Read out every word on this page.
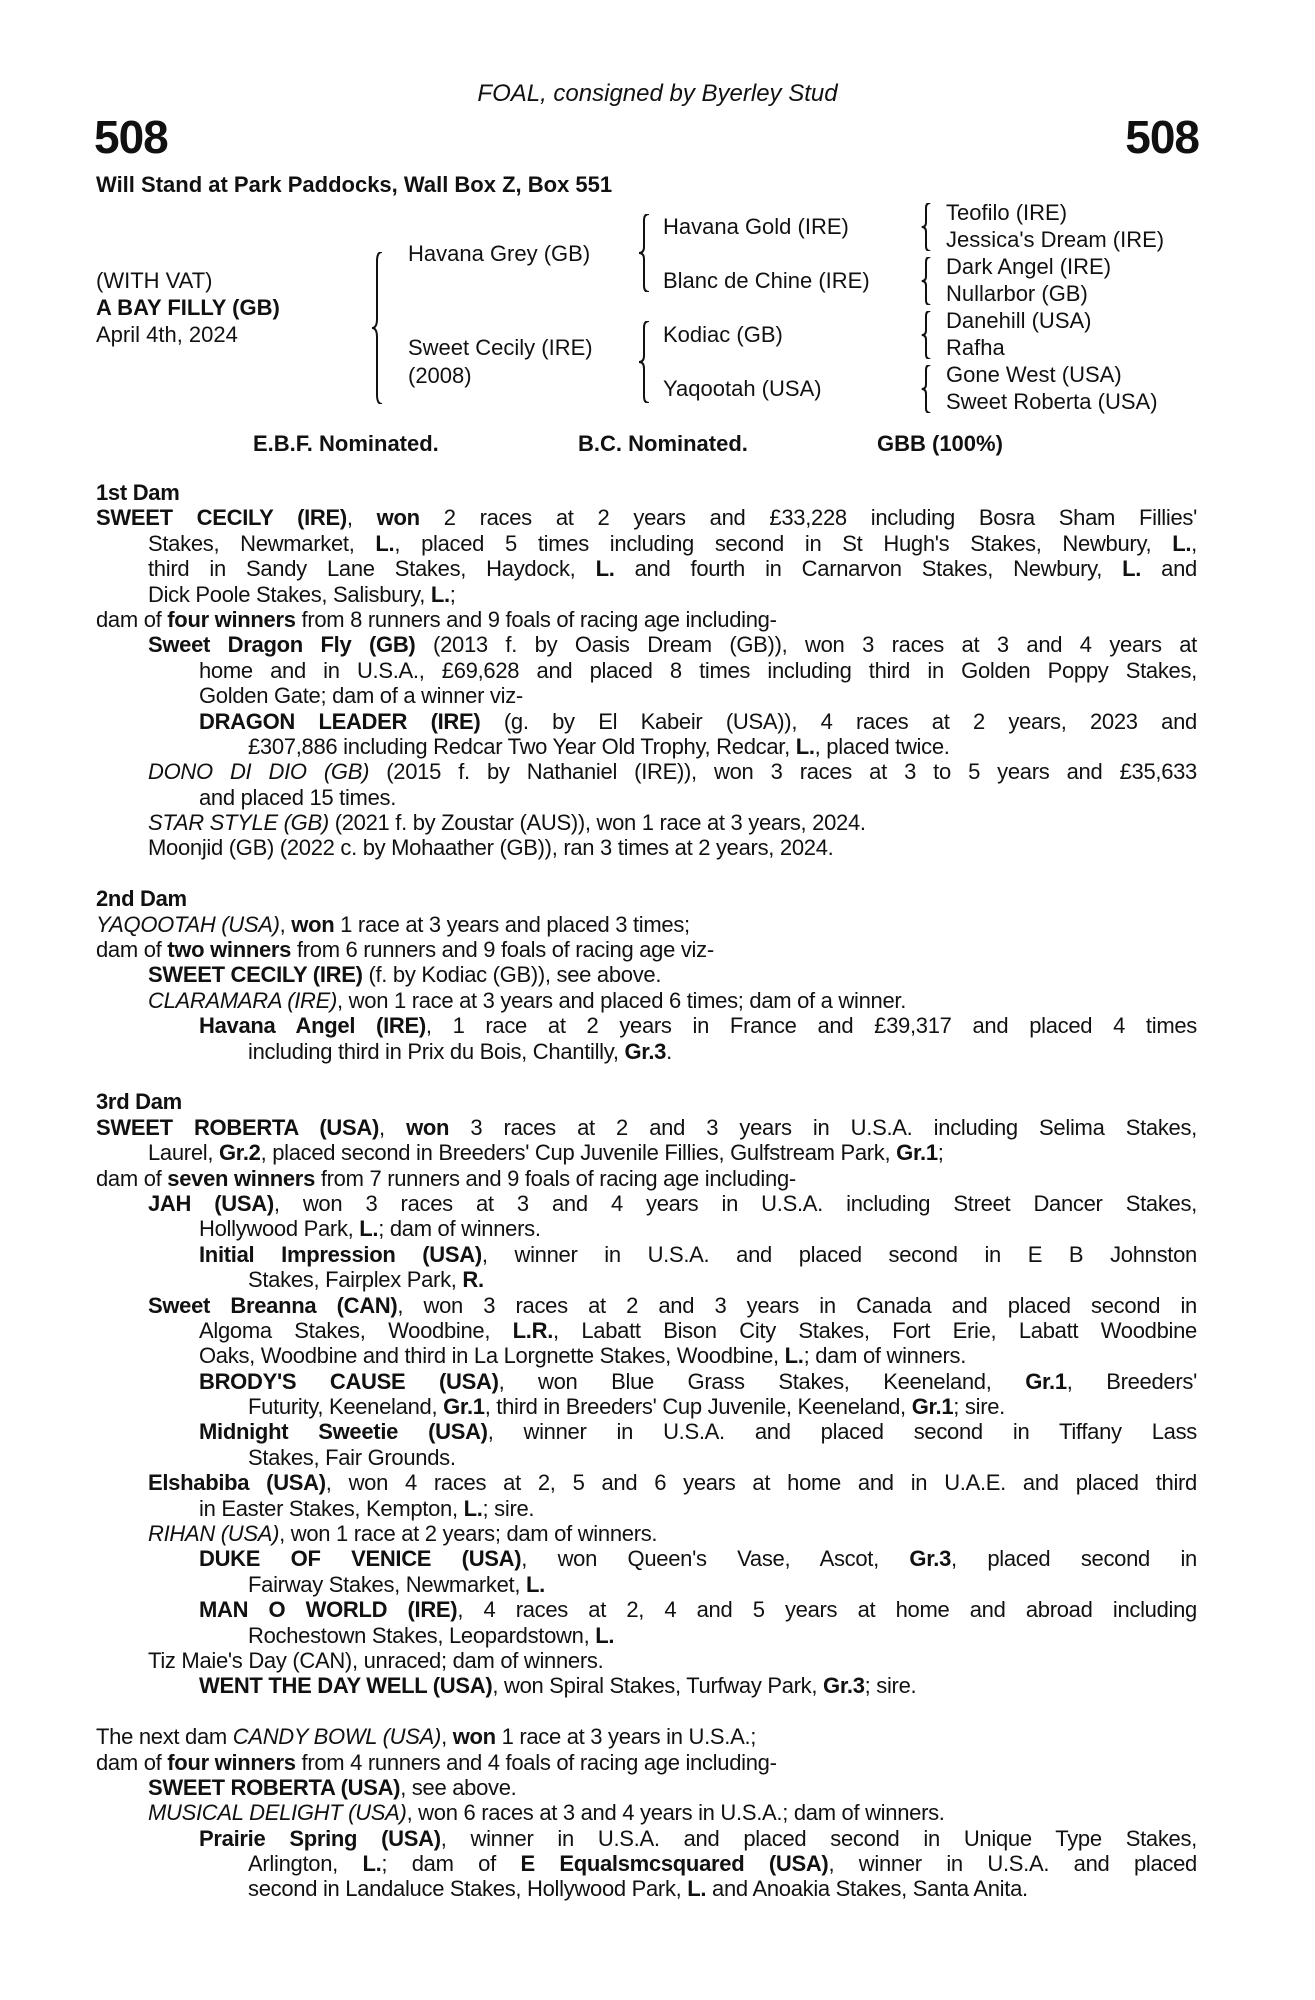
FOAL, consigned by Byerley Stud
508	508
Will Stand at Park Paddocks, Wall Box Z, Box 551
(WITH VAT)
A BAY FILLY (GB)
April 4th, 2024
Havana Grey (GB)
Sweet Cecily (IRE)
(2008)
Havana Gold (IRE)
Blanc de Chine (IRE)
Kodiac (GB)
Yaqootah (USA)
Teofilo (IRE)
Jessica's Dream (IRE)
Dark Angel (IRE)
Nullarbor (GB)
Danehill (USA)
Rafha
Gone West (USA)
Sweet Roberta (USA)
E.B.F. Nominated.	B.C. Nominated.	GBB (100%)
1st Dam
SWEET CECILY (IRE), won 2 races at 2 years and £33,228 including Bosra Sham Fillies'
Stakes, Newmarket, L., placed 5 times including second in St Hugh's Stakes, Newbury, L.,
third in Sandy Lane Stakes, Haydock, L. and fourth in Carnarvon Stakes, Newbury, L. and
Dick Poole Stakes, Salisbury, L.;
dam of four winners from 8 runners and 9 foals of racing age including-
Sweet Dragon Fly (GB) (2013 f. by Oasis Dream (GB)), won 3 races at 3 and 4 years at
home and in U.S.A., £69,628 and placed 8 times including third in Golden Poppy Stakes,
Golden Gate; dam of a winner viz-
DRAGON LEADER (IRE) (g. by El Kabeir (USA)), 4 races at 2 years, 2023 and
£307,886 including Redcar Two Year Old Trophy, Redcar, L., placed twice.
DONO DI DIO (GB) (2015 f. by Nathaniel (IRE)), won 3 races at 3 to 5 years and £35,633
and placed 15 times.
STAR STYLE (GB) (2021 f. by Zoustar (AUS)), won 1 race at 3 years, 2024.
Moonjid (GB) (2022 c. by Mohaather (GB)), ran 3 times at 2 years, 2024.
2nd Dam
YAQOOTAH (USA), won 1 race at 3 years and placed 3 times;
dam of two winners from 6 runners and 9 foals of racing age viz-
SWEET CECILY (IRE) (f. by Kodiac (GB)), see above.
CLARAMARA (IRE), won 1 race at 3 years and placed 6 times; dam of a winner.
Havana Angel (IRE), 1 race at 2 years in France and £39,317 and placed 4 times
including third in Prix du Bois, Chantilly, Gr.3.
3rd Dam
SWEET ROBERTA (USA), won 3 races at 2 and 3 years in U.S.A. including Selima Stakes,
Laurel, Gr.2, placed second in Breeders' Cup Juvenile Fillies, Gulfstream Park, Gr.1;
dam of seven winners from 7 runners and 9 foals of racing age including-
JAH (USA), won 3 races at 3 and 4 years in U.S.A. including Street Dancer Stakes,
Hollywood Park, L.; dam of winners.
Initial Impression (USA), winner in U.S.A. and placed second in E B Johnston
Stakes, Fairplex Park, R.
Sweet Breanna (CAN), won 3 races at 2 and 3 years in Canada and placed second in
Algoma Stakes, Woodbine, L.R., Labatt Bison City Stakes, Fort Erie, Labatt Woodbine
Oaks, Woodbine and third in La Lorgnette Stakes, Woodbine, L.; dam of winners.
BRODY'S CAUSE (USA), won Blue Grass Stakes, Keeneland, Gr.1, Breeders'
Futurity, Keeneland, Gr.1, third in Breeders' Cup Juvenile, Keeneland, Gr.1; sire.
Midnight Sweetie (USA), winner in U.S.A. and placed second in Tiffany Lass
Stakes, Fair Grounds.
Elshabiba (USA), won 4 races at 2, 5 and 6 years at home and in U.A.E. and placed third
in Easter Stakes, Kempton, L.; sire.
RIHAN (USA), won 1 race at 2 years; dam of winners.
DUKE OF VENICE (USA), won Queen's Vase, Ascot, Gr.3, placed second in
Fairway Stakes, Newmarket, L.
MAN O WORLD (IRE), 4 races at 2, 4 and 5 years at home and abroad including
Rochestown Stakes, Leopardstown, L.
Tiz Maie's Day (CAN), unraced; dam of winners.
WENT THE DAY WELL (USA), won Spiral Stakes, Turfway Park, Gr.3; sire.
The next dam CANDY BOWL (USA), won 1 race at 3 years in U.S.A.;
dam of four winners from 4 runners and 4 foals of racing age including-
SWEET ROBERTA (USA), see above.
MUSICAL DELIGHT (USA), won 6 races at 3 and 4 years in U.S.A.; dam of winners.
Prairie Spring (USA), winner in U.S.A. and placed second in Unique Type Stakes,
Arlington, L.; dam of E Equalsmcsquared (USA), winner in U.S.A. and placed
second in Landaluce Stakes, Hollywood Park, L. and Anoakia Stakes, Santa Anita.
